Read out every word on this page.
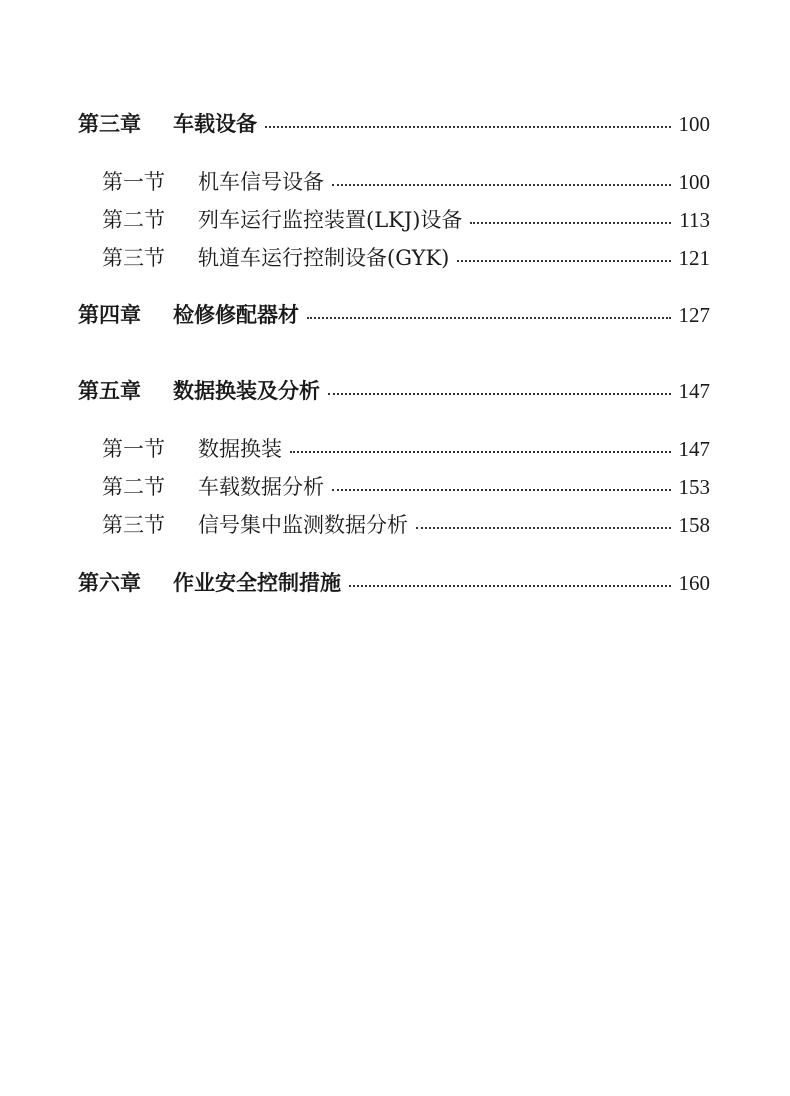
第三章	车载设备	100
第一节	机车信号设备	100
第二节	列车运行监控装置(LKJ)设备	113
第三节	轨道车运行控制设备(GYK)	121
第四章	检修修配器材	127
第五章	数据换装及分析	147
第一节	数据换装	147
第二节	车载数据分析	153
第三节	信号集中监测数据分析	158
第六章	作业安全控制措施	160
